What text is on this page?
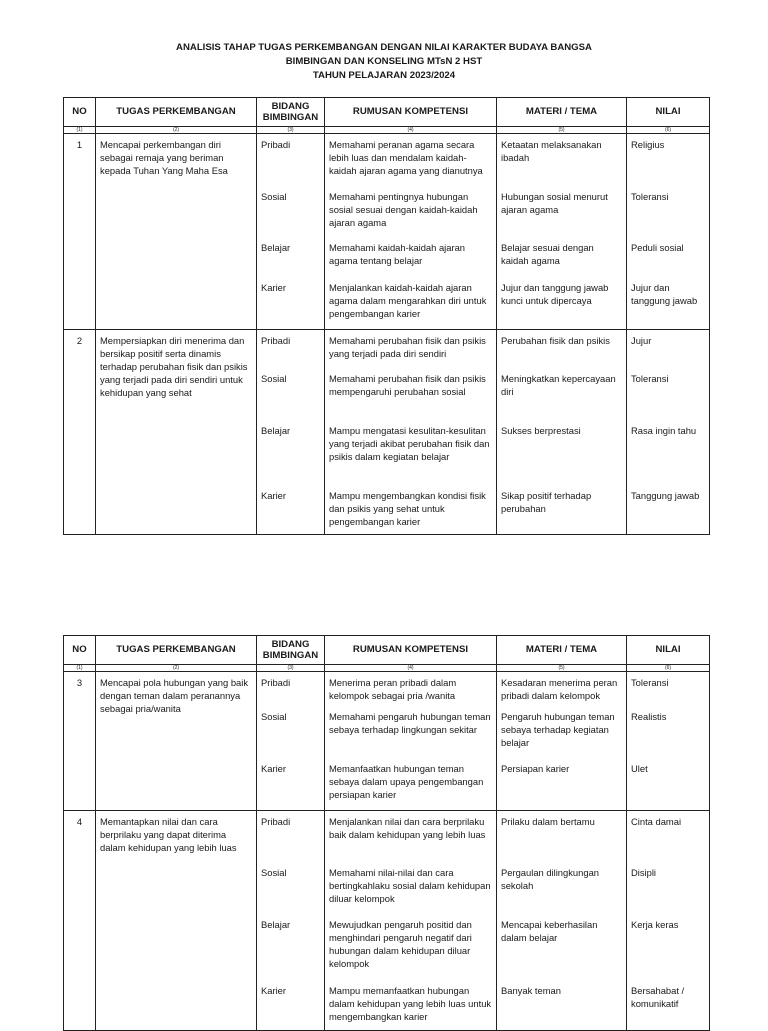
ANALISIS TAHAP TUGAS PERKEMBANGAN DENGAN NILAI KARAKTER BUDAYA BANGSA
BIMBINGAN DAN KONSELING MTsN 2 HST
TAHUN PELAJARAN 2023/2024
NO	TUGAS PERKEMBANGAN	BIDANG BIMBINGAN	RUMUSAN KOMPETENSI	MATERI / TEMA	NILAI
(1)	(2)	(3)	(4)	(5)	(6)
1	Mencapai perkembangan diri sebagai remaja yang beriman kepada Tuhan Yang Maha Esa	Pribadi	Memahami peranan agama secara lebih luas dan mendalam kaidah-kaidah ajaran agama yang dianutnya	Ketaatan melaksanakan ibadah	Religius
		Sosial	Memahami pentingnya hubungan sosial sesuai dengan kaidah-kaidah ajaran agama	Hubungan sosial menurut ajaran agama	Toleransi
		Belajar	Memahami kaidah-kaidah ajaran agama tentang belajar	Belajar sesuai dengan kaidah agama	Peduli sosial
		Karier	Menjalankan kaidah-kaidah ajaran agama dalam mengarahkan diri untuk pengembangan karier	Jujur dan tanggung jawab kunci untuk dipercaya	Jujur dan tanggung jawab
2	Mempersiapkan diri menerima dan bersikap positif serta dinamis terhadap perubahan fisik dan psikis yang terjadi pada diri sendiri untuk kehidupan yang sehat	Pribadi	Memahami perubahan fisik dan psikis yang terjadi pada diri sendiri	Perubahan fisik dan psikis	Jujur
		Sosial	Memahami perubahan fisik dan psikis mempengaruhi perubahan sosial	Meningkatkan kepercayaan diri	Toleransi
		Belajar	Mampu mengatasi kesulitan-kesulitan yang terjadi akibat perubahan fisik dan psikis dalam kegiatan belajar	Sukses berprestasi	Rasa ingin tahu
		Karier	Mampu mengembangkan kondisi fisik dan psikis yang sehat untuk pengembangan karier	Sikap positif terhadap perubahan	Tanggung jawab
NO	TUGAS PERKEMBANGAN	BIDANG BIMBINGAN	RUMUSAN KOMPETENSI	MATERI / TEMA	NILAI
(1)	(2)	(3)	(4)	(5)	(6)
3	Mencapai pola hubungan yang baik dengan teman dalam peranannya sebagai pria/wanita	Pribadi	Menerima peran pribadi dalam kelompok sebagai pria /wanita	Kesadaran menerima peran pribadi dalam kelompok	Toleransi
		Sosial	Memahami pengaruh hubungan teman sebaya terhadap lingkungan sekitar	Pengaruh hubungan teman sebaya terhadap kegiatan belajar	Realistis
		Karier	Memanfaatkan hubungan teman sebaya dalam upaya pengembangan persiapan karier	Persiapan karier	Ulet
4	Memantapkan nilai dan cara berprilaku yang dapat diterima dalam kehidupan yang lebih luas	Pribadi	Menjalankan nilai dan cara berprilaku baik dalam kehidupan yang lebih luas	Prilaku dalam bertamu	Cinta damai
		Sosial	Memahami nilai-nilai dan cara bertingkahlaku sosial dalam kehidupan diluar kelompok	Pergaulan dilingkungan sekolah	Disipli
		Belajar	Mewujudkan pengaruh positid dan menghindari pengaruh negatif dari hubungan dalam kehidupan diluar kelompok	Mencapai keberhasilan dalam belajar	Kerja keras
		Karier	Mampu memanfaatkan hubungan dalam kehidupan yang lebih luas untuk mengembangkan karier	Banyak teman	Bersahabat / komunikatif
